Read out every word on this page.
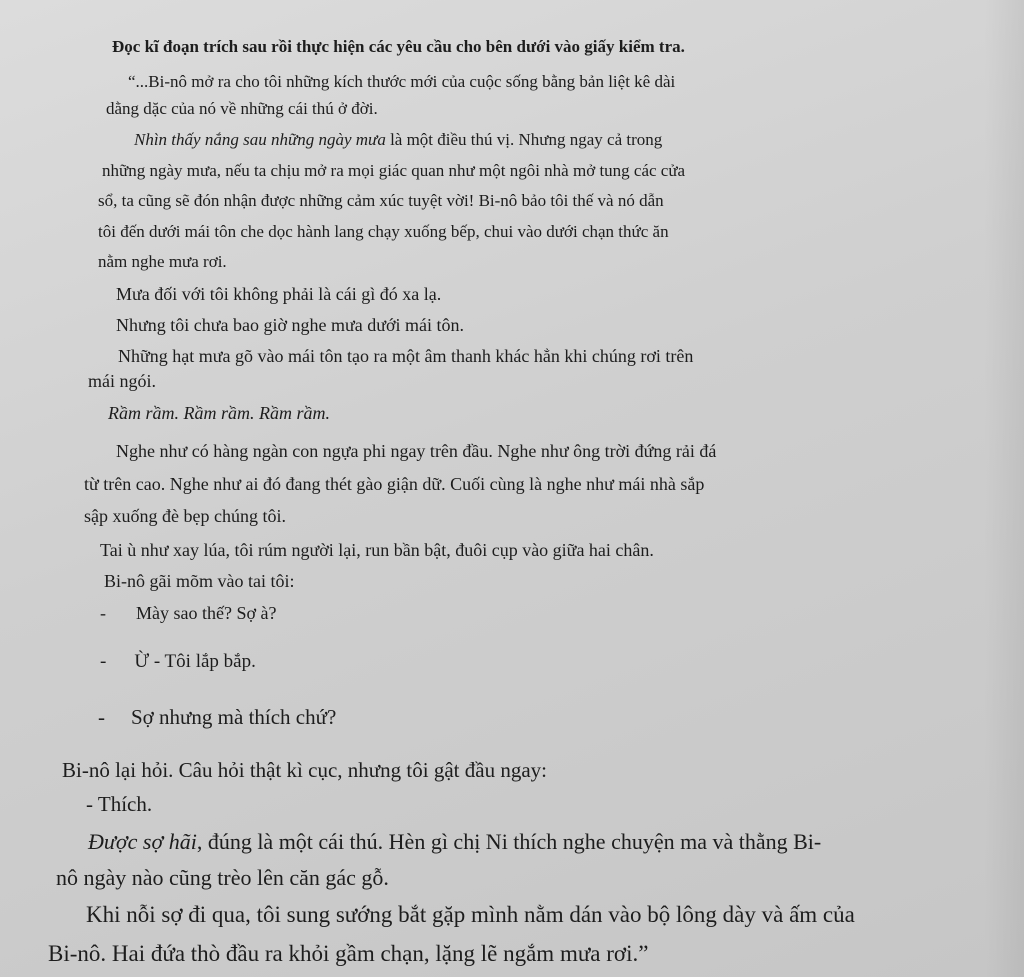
Đọc kĩ đoạn trích sau rồi thực hiện các yêu cầu cho bên dưới vào giấy kiểm tra.
“...Bi-nô mở ra cho tôi những kích thước mới của cuộc sống bằng bản liệt kê dài
dằng dặc của nó về những cái thú ở đời.
Nhìn thấy nắng sau những ngày mưa là một điều thú vị. Nhưng ngay cả trong
những ngày mưa, nếu ta chịu mở ra mọi giác quan như một ngôi nhà mở tung các cửa
sổ, ta cũng sẽ đón nhận được những cảm xúc tuyệt vời! Bi-nô bảo tôi thế và nó dẫn
tôi đến dưới mái tôn che dọc hành lang chạy xuống bếp, chui vào dưới chạn thức ăn
nằm nghe mưa rơi.
Mưa đối với tôi không phải là cái gì đó xa lạ.
Nhưng tôi chưa bao giờ nghe mưa dưới mái tôn.
Những hạt mưa gõ vào mái tôn tạo ra một âm thanh khác hẳn khi chúng rơi trên
mái ngói.
Rầm rầm. Rầm rầm. Rầm rầm.
Nghe như có hàng ngàn con ngựa phi ngay trên đầu. Nghe như ông trời đứng rải đá
từ trên cao. Nghe như ai đó đang thét gào giận dữ. Cuối cùng là nghe như mái nhà sắp
sập xuống đè bẹp chúng tôi.
Tai ù như xay lúa, tôi rúm người lại, run bần bật, đuôi cụp vào giữa hai chân.
Bi-nô gãi mõm vào tai tôi:
- Mày sao thế? Sợ à?
- Ừ - Tôi lắp bắp.
- Sợ nhưng mà thích chứ?
Bi-nô lại hỏi. Câu hỏi thật kì cục, nhưng tôi gật đầu ngay:
- Thích.
Được sợ hãi, đúng là một cái thú. Hèn gì chị Ni thích nghe chuyện ma và thằng Bi-
nô ngày nào cũng trèo lên căn gác gỗ.
Khi nỗi sợ đi qua, tôi sung sướng bắt gặp mình nằm dán vào bộ lông dày và ấm của
Bi-nô. Hai đứa thò đầu ra khỏi gầm chạn, lặng lẽ ngắm mưa rơi.”
